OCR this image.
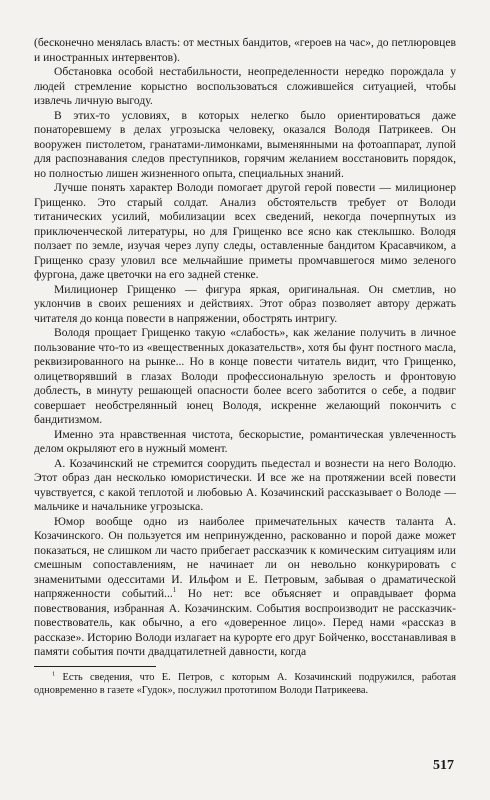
(бесконечно менялась власть: от местных бандитов, «героев на час», до петлюровцев и иностранных интервентов).

Обстановка особой нестабильности, неопределенности нередко порождала у людей стремление корыстно воспользоваться сложившейся ситуацией, чтобы извлечь личную выгоду.

В этих-то условиях, в которых нелегко было ориентироваться даже понаторевшему в делах угрозыска человеку, оказался Володя Патрикеев. Он вооружен пистолетом, гранатами-лимонками, выменянными на фотоаппарат, лупой для распознавания следов преступников, горячим желанием восстановить порядок, но полностью лишен жизненного опыта, специальных знаний.

Лучше понять характер Володи помогает другой герой повести — милиционер Грищенко. Это старый солдат. Анализ обстоятельств требует от Володи титанических усилий, мобилизации всех сведений, некогда почерпнутых из приключенческой литературы, но для Грищенко все ясно как стеклышко. Володя ползает по земле, изучая через лупу следы, оставленные бандитом Красавчиком, а Грищенко сразу уловил все мельчайшие приметы промчавшегося мимо зеленого фургона, даже цветочки на его задней стенке.

Милиционер Грищенко — фигура яркая, оригинальная. Он сметлив, но уклончив в своих решениях и действиях. Этот образ позволяет автору держать читателя до конца повести в напряжении, обострять интригу.

Володя прощает Грищенко такую «слабость», как желание получить в личное пользование что-то из «вещественных доказательств», хотя бы фунт постного масла, реквизированного на рынке... Но в конце повести читатель видит, что Грищенко, олицетворявший в глазах Володи профессиональную зрелость и фронтовую доблесть, в минуту решающей опасности более всего заботится о себе, а подвиг совершает необстрелянный юнец Володя, искренне желающий покончить с бандитизмом.

Именно эта нравственная чистота, бескорыстие, романтическая увлеченность делом окрыляют его в нужный момент.

А. Козачинский не стремится соорудить пьедестал и вознести на него Володю. Этот образ дан несколько юмористически. И все же на протяжении всей повести чувствуется, с какой теплотой и любовью А. Козачинский рассказывает о Володе — мальчике и начальнике угрозыска.

Юмор вообще одно из наиболее примечательных качеств таланта А. Козачинского. Он пользуется им непринужденно, раскованно и порой даже может показаться, не слишком ли часто прибегает рассказчик к комическим ситуациям или смешным сопоставлениям, не начинает ли он невольно конкурировать с знаменитыми одесситами И. Ильфом и Е. Петровым, забывая о драматической напряженности событий...$^1$ Но нет: все объясняет и оправдывает форма повествования, избранная А. Козачинским. События воспроизводит не рассказчик-повествователь, как обычно, а его «доверенное лицо». Перед нами «рассказ в рассказе». Историю Володи излагает на курорте его друг Бойченко, восстанавливая в памяти события почти двадцатилетней давности, когда

$^1$ Есть сведения, что Е. Петров, с которым А. Козачинский подружился, работая одновременно в газете «Гудок», послужил прототипом Володи Патрикеева.

517
